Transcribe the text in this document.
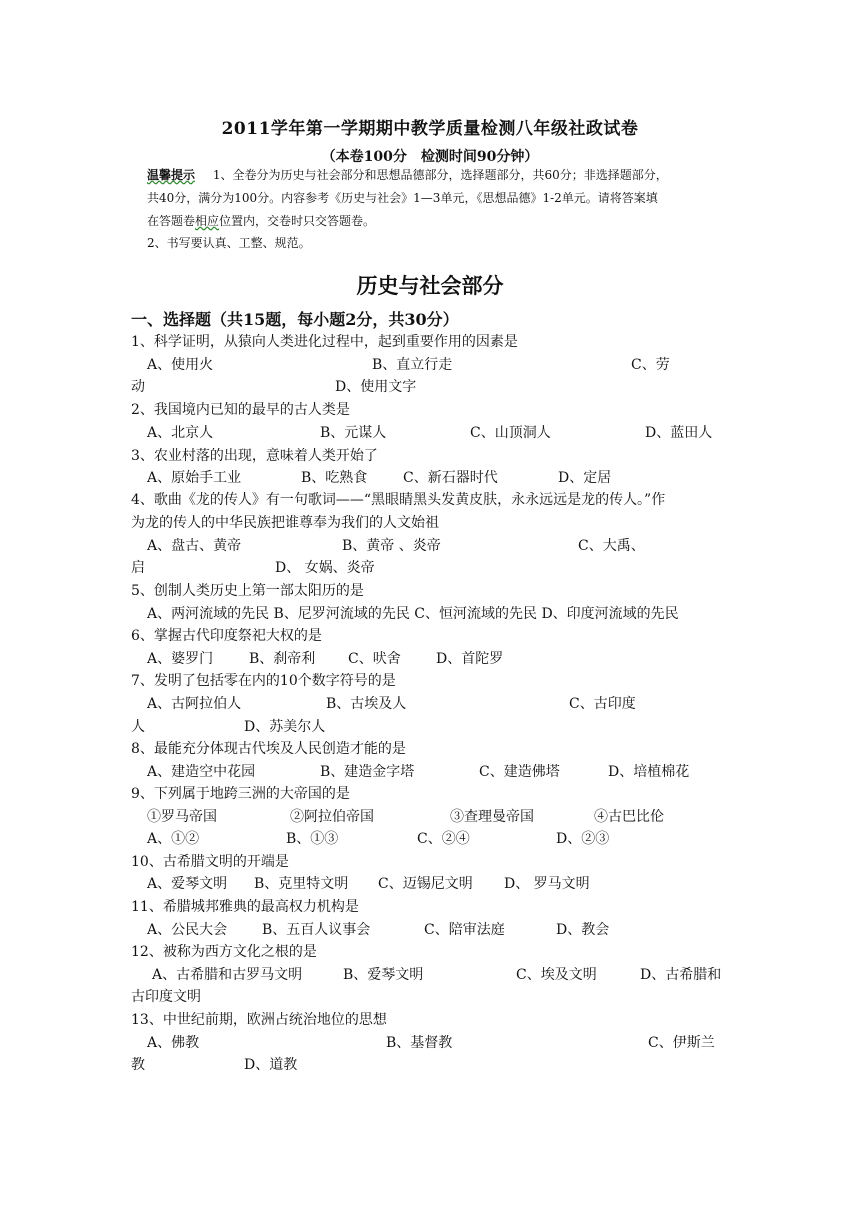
2011学年第一学期期中教学质量检测八年级社政试卷
（本卷100分　检测时间90分钟）
温馨提示 1、全卷分为历史与社会部分和思想品德部分，选择题部分，共60分；非选择题部分，
共40分，满分为100分。内容参考《历史与社会》1—3单元，《思想品德》1-2单元。请将答案填
在答题卷相应位置内，交卷时只交答题卷。
2、书写要认真、工整、规范。
历史与社会部分
一、选择题（共15题，每小题2分，共30分）
1、科学证明，从猿向人类进化过程中，起到重要作用的因素是
A、使用火	B、直立行走	C、劳
动	D、使用文字
2、我国境内已知的最早的古人类是
A、北京人	B、元谋人	C、山顶洞人	D、蓝田人
3、农业村落的出现，意味着人类开始了
A、原始手工业	B、吃熟食	C、新石器时代	D、定居
4、歌曲《龙的传人》有一句歌词——“黑眼睛黑头发黄皮肤，永永远远是龙的传人。”作
为龙的传人的中华民族把谁尊奉为我们的人文始祖
A、盘古、黄帝	B、黄帝 、炎帝	C、大禹、
启	D、 女娲、炎帝
5、创制人类历史上第一部太阳历的是
A、两河流域的先民 B、尼罗河流域的先民 C、恒河流域的先民 D、印度河流域的先民
6、掌握古代印度祭祀大权的是
A、婆罗门	B、刹帝利 C、吠舍	D、首陀罗
7、发明了包括零在内的10个数字符号的是
A、古阿拉伯人	B、古埃及人	C、古印度
人	D、苏美尔人
8、最能充分体现古代埃及人民创造才能的是
A、建造空中花园	B、建造金字塔	C、建造佛塔	D、培植棉花
9、下列属于地跨三洲的大帝国的是
①罗马帝国	②阿拉伯帝国	③查理曼帝国	④古巴比伦
A、①②	B、①③	C、②④	D、②③
10、古希腊文明的开端是
A、爱琴文明 B、克里特文明 C、迈锡尼文明 D、 罗马文明
11、希腊城邦雅典的最高权力机构是
A、公民大会 B、五百人议事会	C、陪审法庭	D、教会
12、被称为西方文化之根的是
A、古希腊和古罗马文明	B、爱琴文明	C、埃及文明	D、古希腊和
古印度文明
13、中世纪前期，欧洲占统治地位的思想
A、佛教	B、基督教	C、伊斯兰
教	D、道教
